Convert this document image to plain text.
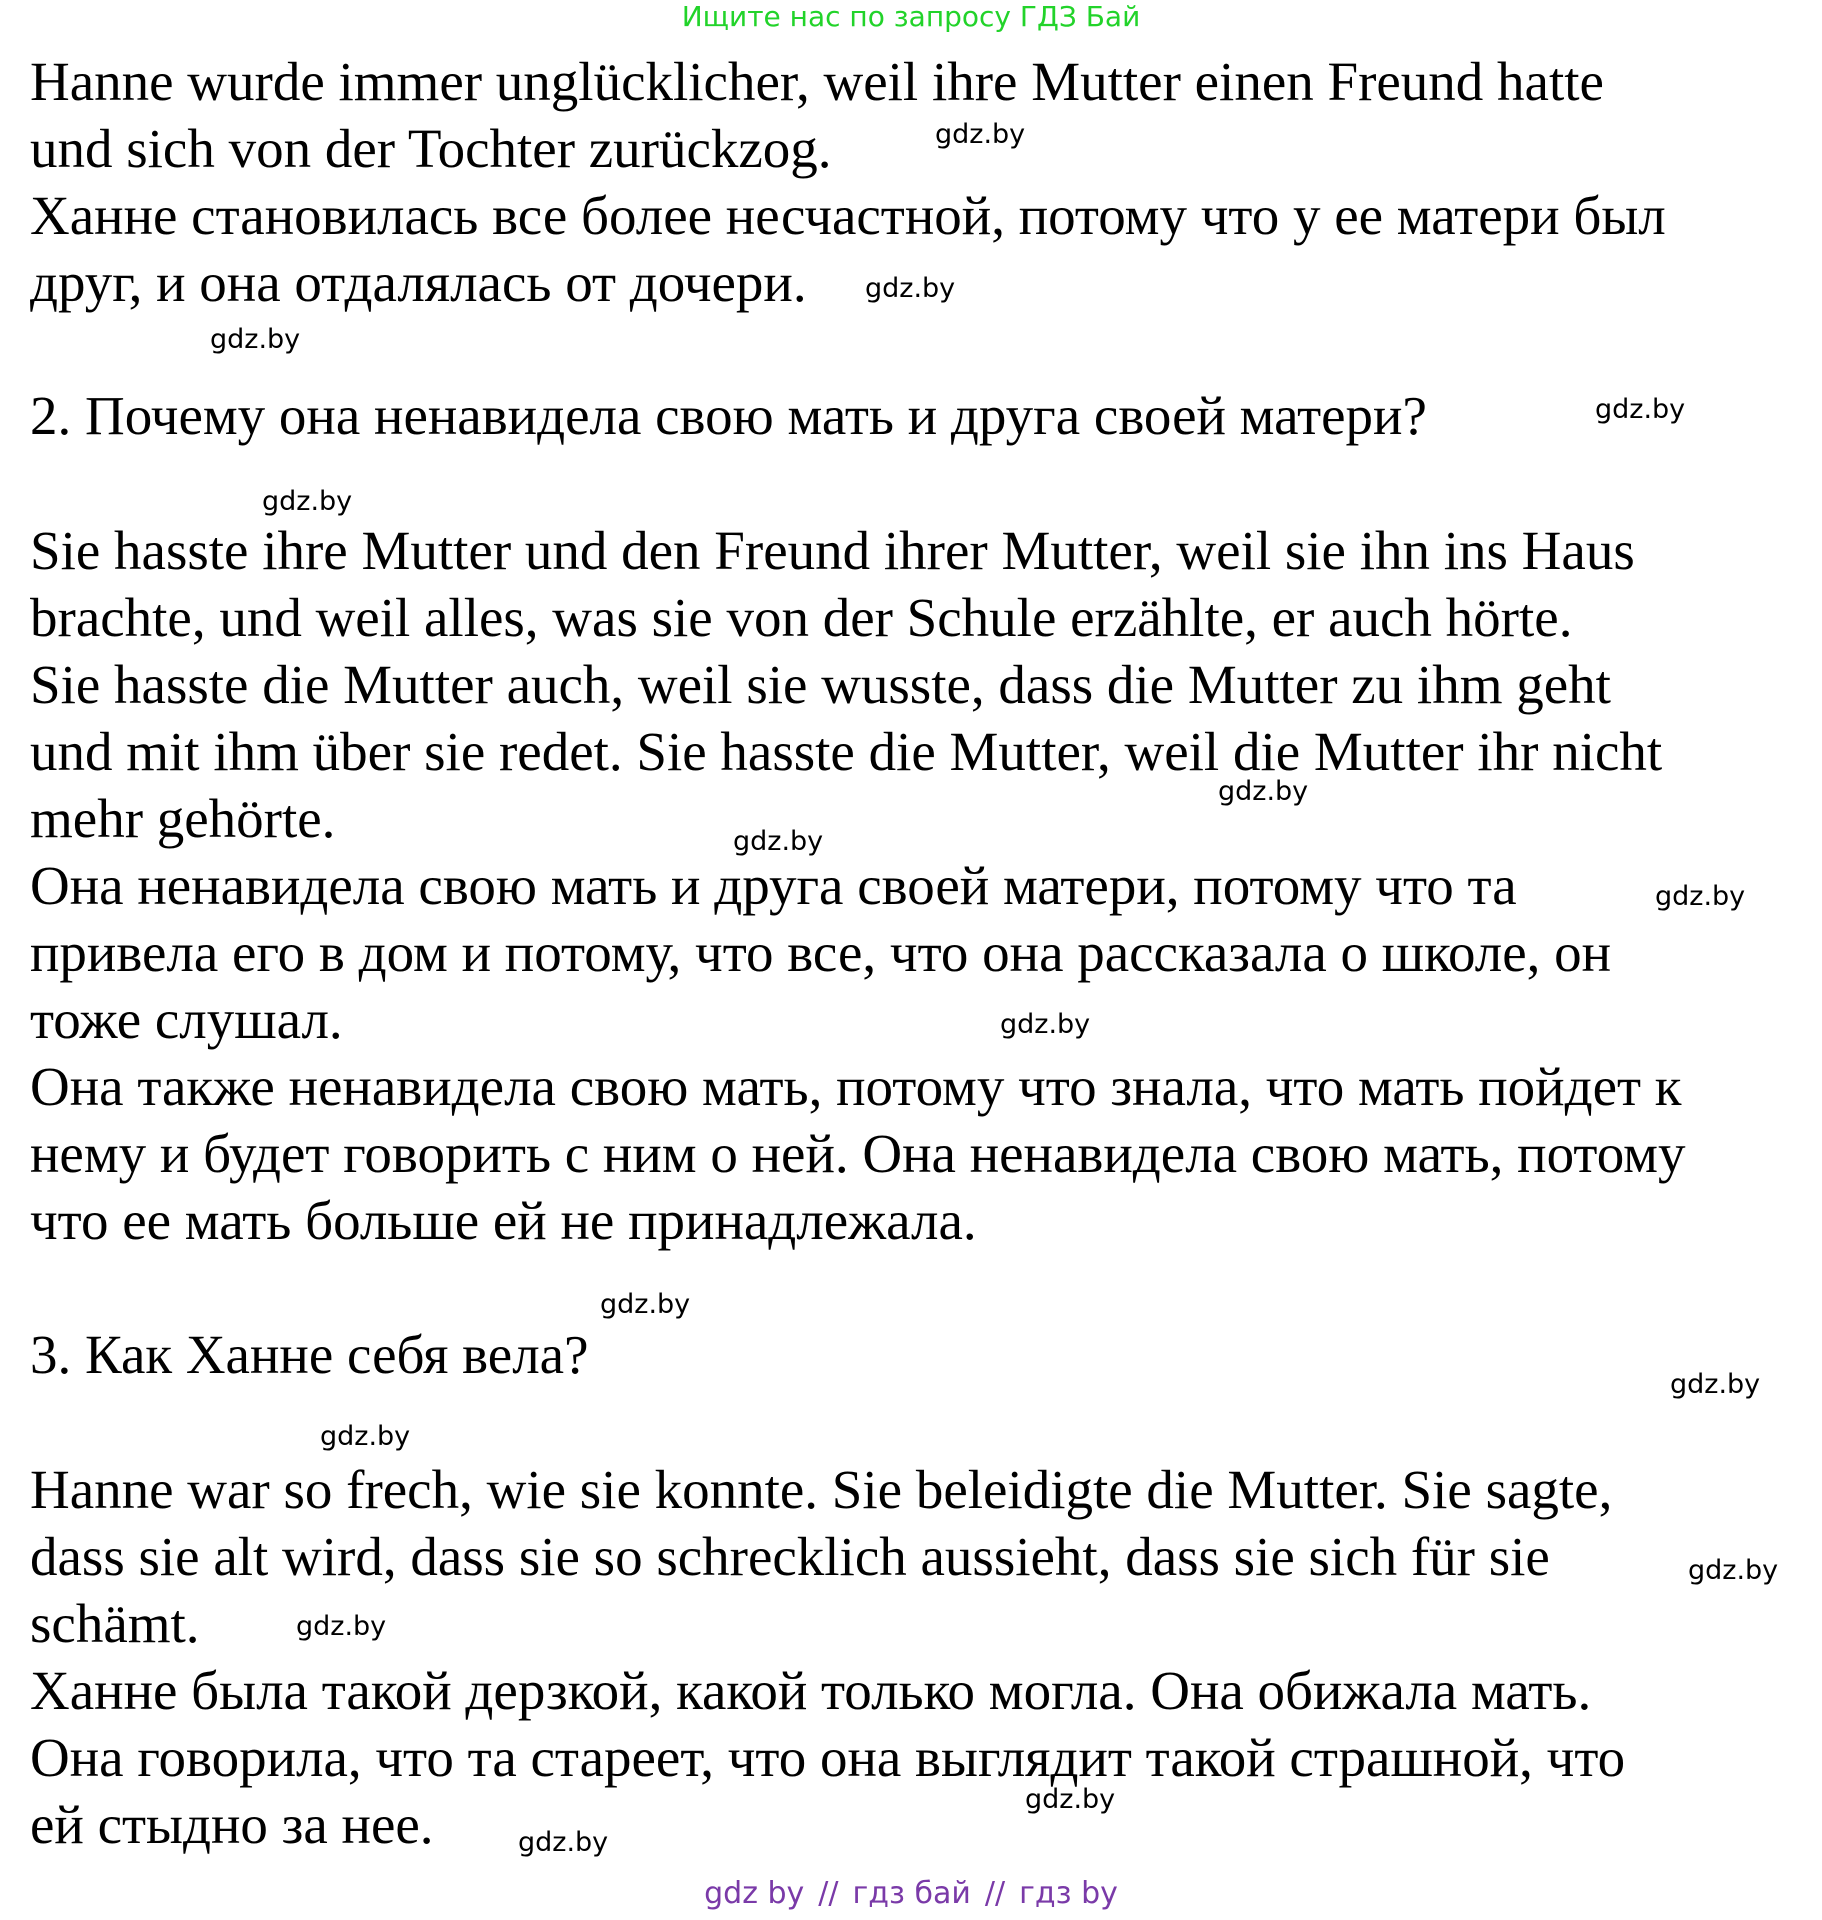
Ищите нас по запросу ГДЗ Бай
Hanne wurde immer unglücklicher, weil ihre Mutter einen Freund hatte
und sich von der Tochter zurückzog.
Ханне становилась все более несчастной, потому что у ее матери был
друг, и она отдалялась от дочери.
2. Почему она ненавидела свою мать и друга своей матери?
Sie hasste ihre Mutter und den Freund ihrer Mutter, weil sie ihn ins Haus
brachte, und weil alles, was sie von der Schule erzählte, er auch hörte.
Sie hasste die Mutter auch, weil sie wusste, dass die Mutter zu ihm geht
und mit ihm über sie redet. Sie hasste die Mutter, weil die Mutter ihr nicht
mehr gehörte.
Она ненавидела свою мать и друга своей матери, потому что та
привела его в дом и потому, что все, что она рассказала о школе, он
тоже слушал.
Она также ненавидела свою мать, потому что знала, что мать пойдет к
нему и будет говорить с ним о ней. Она ненавидела свою мать, потому
что ее мать больше ей не принадлежала.
3. Как Ханне себя вела?
Hanne war so frech, wie sie konnte. Sie beleidigte die Mutter. Sie sagte,
dass sie alt wird, dass sie so schrecklich aussieht, dass sie sich für sie
schämt.
Ханне была такой дерзкой, какой только могла. Она обижала мать.
Она говорила, что та стареет, что она выглядит такой страшной, что
ей стыдно за нее.
gdz.by
gdz.by
gdz.by
gdz.by
gdz.by
gdz.by
gdz.by
gdz.by
gdz.by
gdz.by
gdz.by
gdz.by
gdz.by
gdz.by
gdz.by
gdz.by
gdz by // гдз бай // гдз by
